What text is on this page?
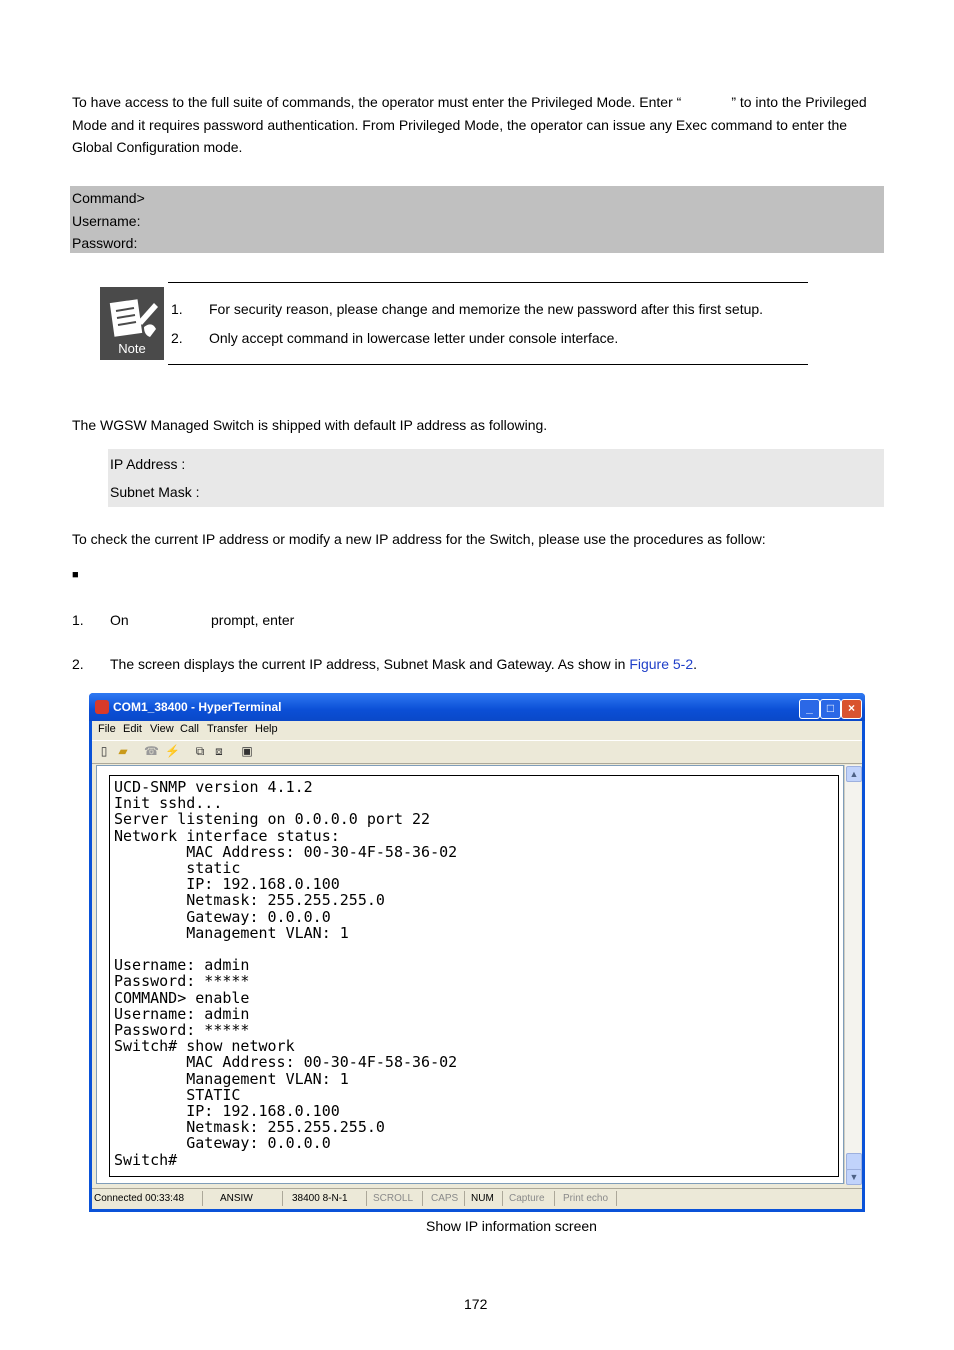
To have access to the full suite of commands, the operator must enter the Privileged Mode. Enter “	” to into the Privileged
Mode and it requires password authentication. From Privileged Mode, the operator can issue any Exec command to enter the
Global Configuration mode.
Command>
Username:
Password:
Note
1. For security reason, please change and memorize the new password after this first setup.
2. Only accept command in lowercase letter under console interface.
The WGSW Managed Switch is shipped with default IP address as following.
IP Address :
Subnet Mask :
To check the current IP address or modify a new IP address for the Switch, please use the procedures as follow:
■
1. On	prompt, enter
2. The screen displays the current IP address, Subnet Mask and Gateway. As show in Figure 5-2.
COM1_38400 - HyperTerminal	_	□	×
File Edit View Call Transfer Help
▯ ▰ ☎ ⚡ ⧉ ⧈ ▣
UCD-SNMP version 4.1.2
Init sshd...
Server listening on 0.0.0.0 port 22
Network interface status:
MAC Address: 00-30-4F-58-36-02
static
IP: 192.168.0.100
Netmask: 255.255.255.0
Gateway: 0.0.0.0
Management VLAN: 1

Username: admin
Password: *****
COMMAND> enable
Username: admin
Password: *****
Switch# show network
MAC Address: 00-30-4F-58-36-02
Management VLAN: 1
STATIC
IP: 192.168.0.100
Netmask: 255.255.255.0
Gateway: 0.0.0.0
Switch#
▲
▼
Connected 00:33:48	ANSIW	38400 8-N-1	SCROLL CAPS NUM Capture Print echo
Show IP information screen
172
